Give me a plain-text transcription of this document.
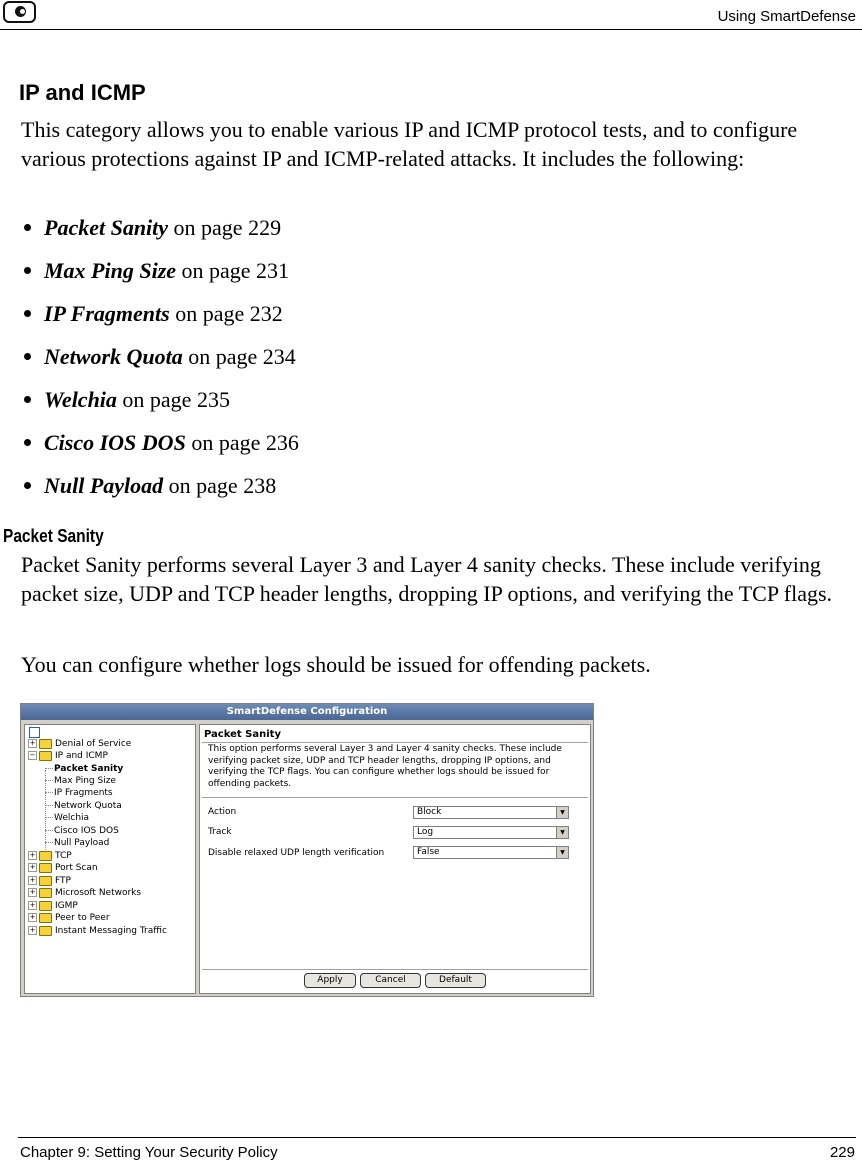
Using SmartDefense
IP and ICMP
This category allows you to enable various IP and ICMP protocol tests, and to configure various protections against IP and ICMP-related attacks. It includes the following:
Packet Sanity on page 229
Max Ping Size on page 231
IP Fragments on page 232
Network Quota on page 234
Welchia on page 235
Cisco IOS DOS on page 236
Null Payload on page 238
Packet Sanity
Packet Sanity performs several Layer 3 and Layer 4 sanity checks. These include verifying packet size, UDP and TCP header lengths, dropping IP options, and verifying the TCP flags.
You can configure whether logs should be issued for offending packets.
SmartDefense Configuration
+ Denial of Service
− IP and ICMP
Packet Sanity
Max Ping Size
IP Fragments
Network Quota
Welchia
Cisco IOS DOS
Null Payload
+ TCP
+ Port Scan
+ FTP
+ Microsoft Networks
+ IGMP
+ Peer to Peer
+ Instant Messaging Traffic
Packet Sanity
This option performs several Layer 3 and Layer 4 sanity checks. These include verifying packet size, UDP and TCP header lengths, dropping IP options, and verifying the TCP flags. You can configure whether logs should be issued for offending packets.
Action	Block	▼
Track	Log	▼
Disable relaxed UDP length verification	False	▼
Apply	Cancel	Default
Chapter 9: Setting Your Security Policy	229
